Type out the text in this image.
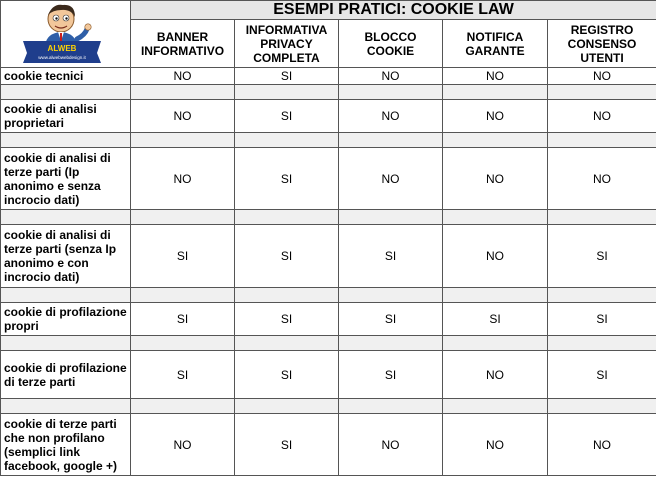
ALWEB
www.alwebwebdesign.it	ESEMPI PRATICI: COOKIE LAW				
	BANNER INFORMATIVO	INFORMATIVA PRIVACY COMPLETA	BLOCCO COOKIE	NOTIFICA GARANTE	REGISTRO CONSENSO UTENTI
cookie tecnici	NO	SI	NO	NO	NO

cookie di analisi proprietari	NO	SI	NO	NO	NO

cookie di analisi di terze parti (Ip anonimo e senza incrocio dati)	NO	SI	NO	NO	NO

cookie di analisi di terze parti (senza Ip anonimo e con incrocio dati)	SI	SI	SI	NO	SI

cookie di profilazione propri	SI	SI	SI	SI	SI

cookie di profilazione di terze parti	SI	SI	SI	NO	SI

cookie di terze parti che non profilano (semplici link facebook, google +)	NO	SI	NO	NO	NO
